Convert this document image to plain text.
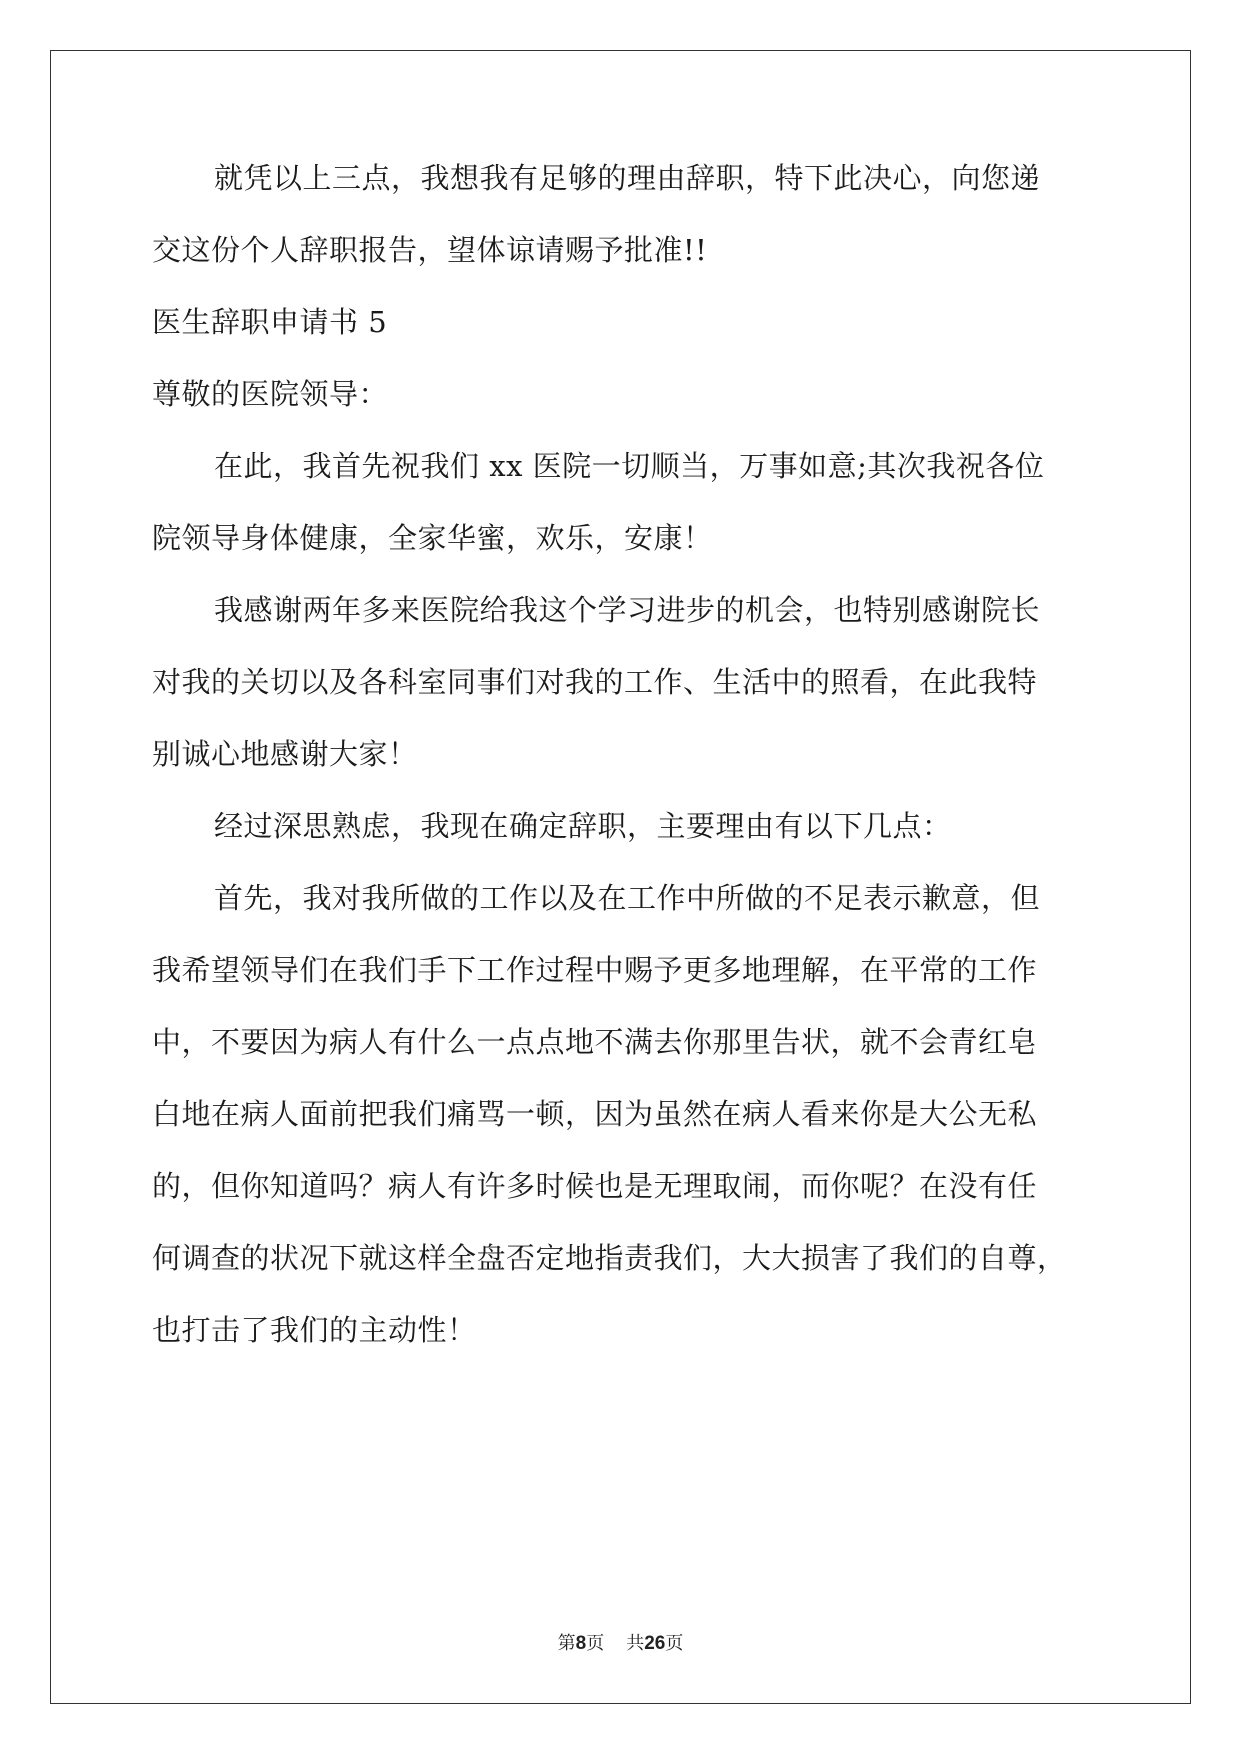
就凭以上三点，我想我有足够的理由辞职，特下此决心，向您递
交这份个人辞职报告，望体谅请赐予批准!!
医生辞职申请书 5
尊敬的医院领导：
在此，我首先祝我们 xx 医院一切顺当，万事如意;其次我祝各位
院领导身体健康，全家华蜜，欢乐，安康！
我感谢两年多来医院给我这个学习进步的机会，也特别感谢院长
对我的关切以及各科室同事们对我的工作、生活中的照看，在此我特
别诚心地感谢大家！
经过深思熟虑，我现在确定辞职，主要理由有以下几点：
首先，我对我所做的工作以及在工作中所做的不足表示歉意，但
我希望领导们在我们手下工作过程中赐予更多地理解，在平常的工作
中，不要因为病人有什么一点点地不满去你那里告状，就不会青红皂
白地在病人面前把我们痛骂一顿，因为虽然在病人看来你是大公无私
的，但你知道吗？病人有许多时候也是无理取闹，而你呢？在没有任
何调查的状况下就这样全盘否定地指责我们，大大损害了我们的自尊，
也打击了我们的主动性！
第8页 共26页
